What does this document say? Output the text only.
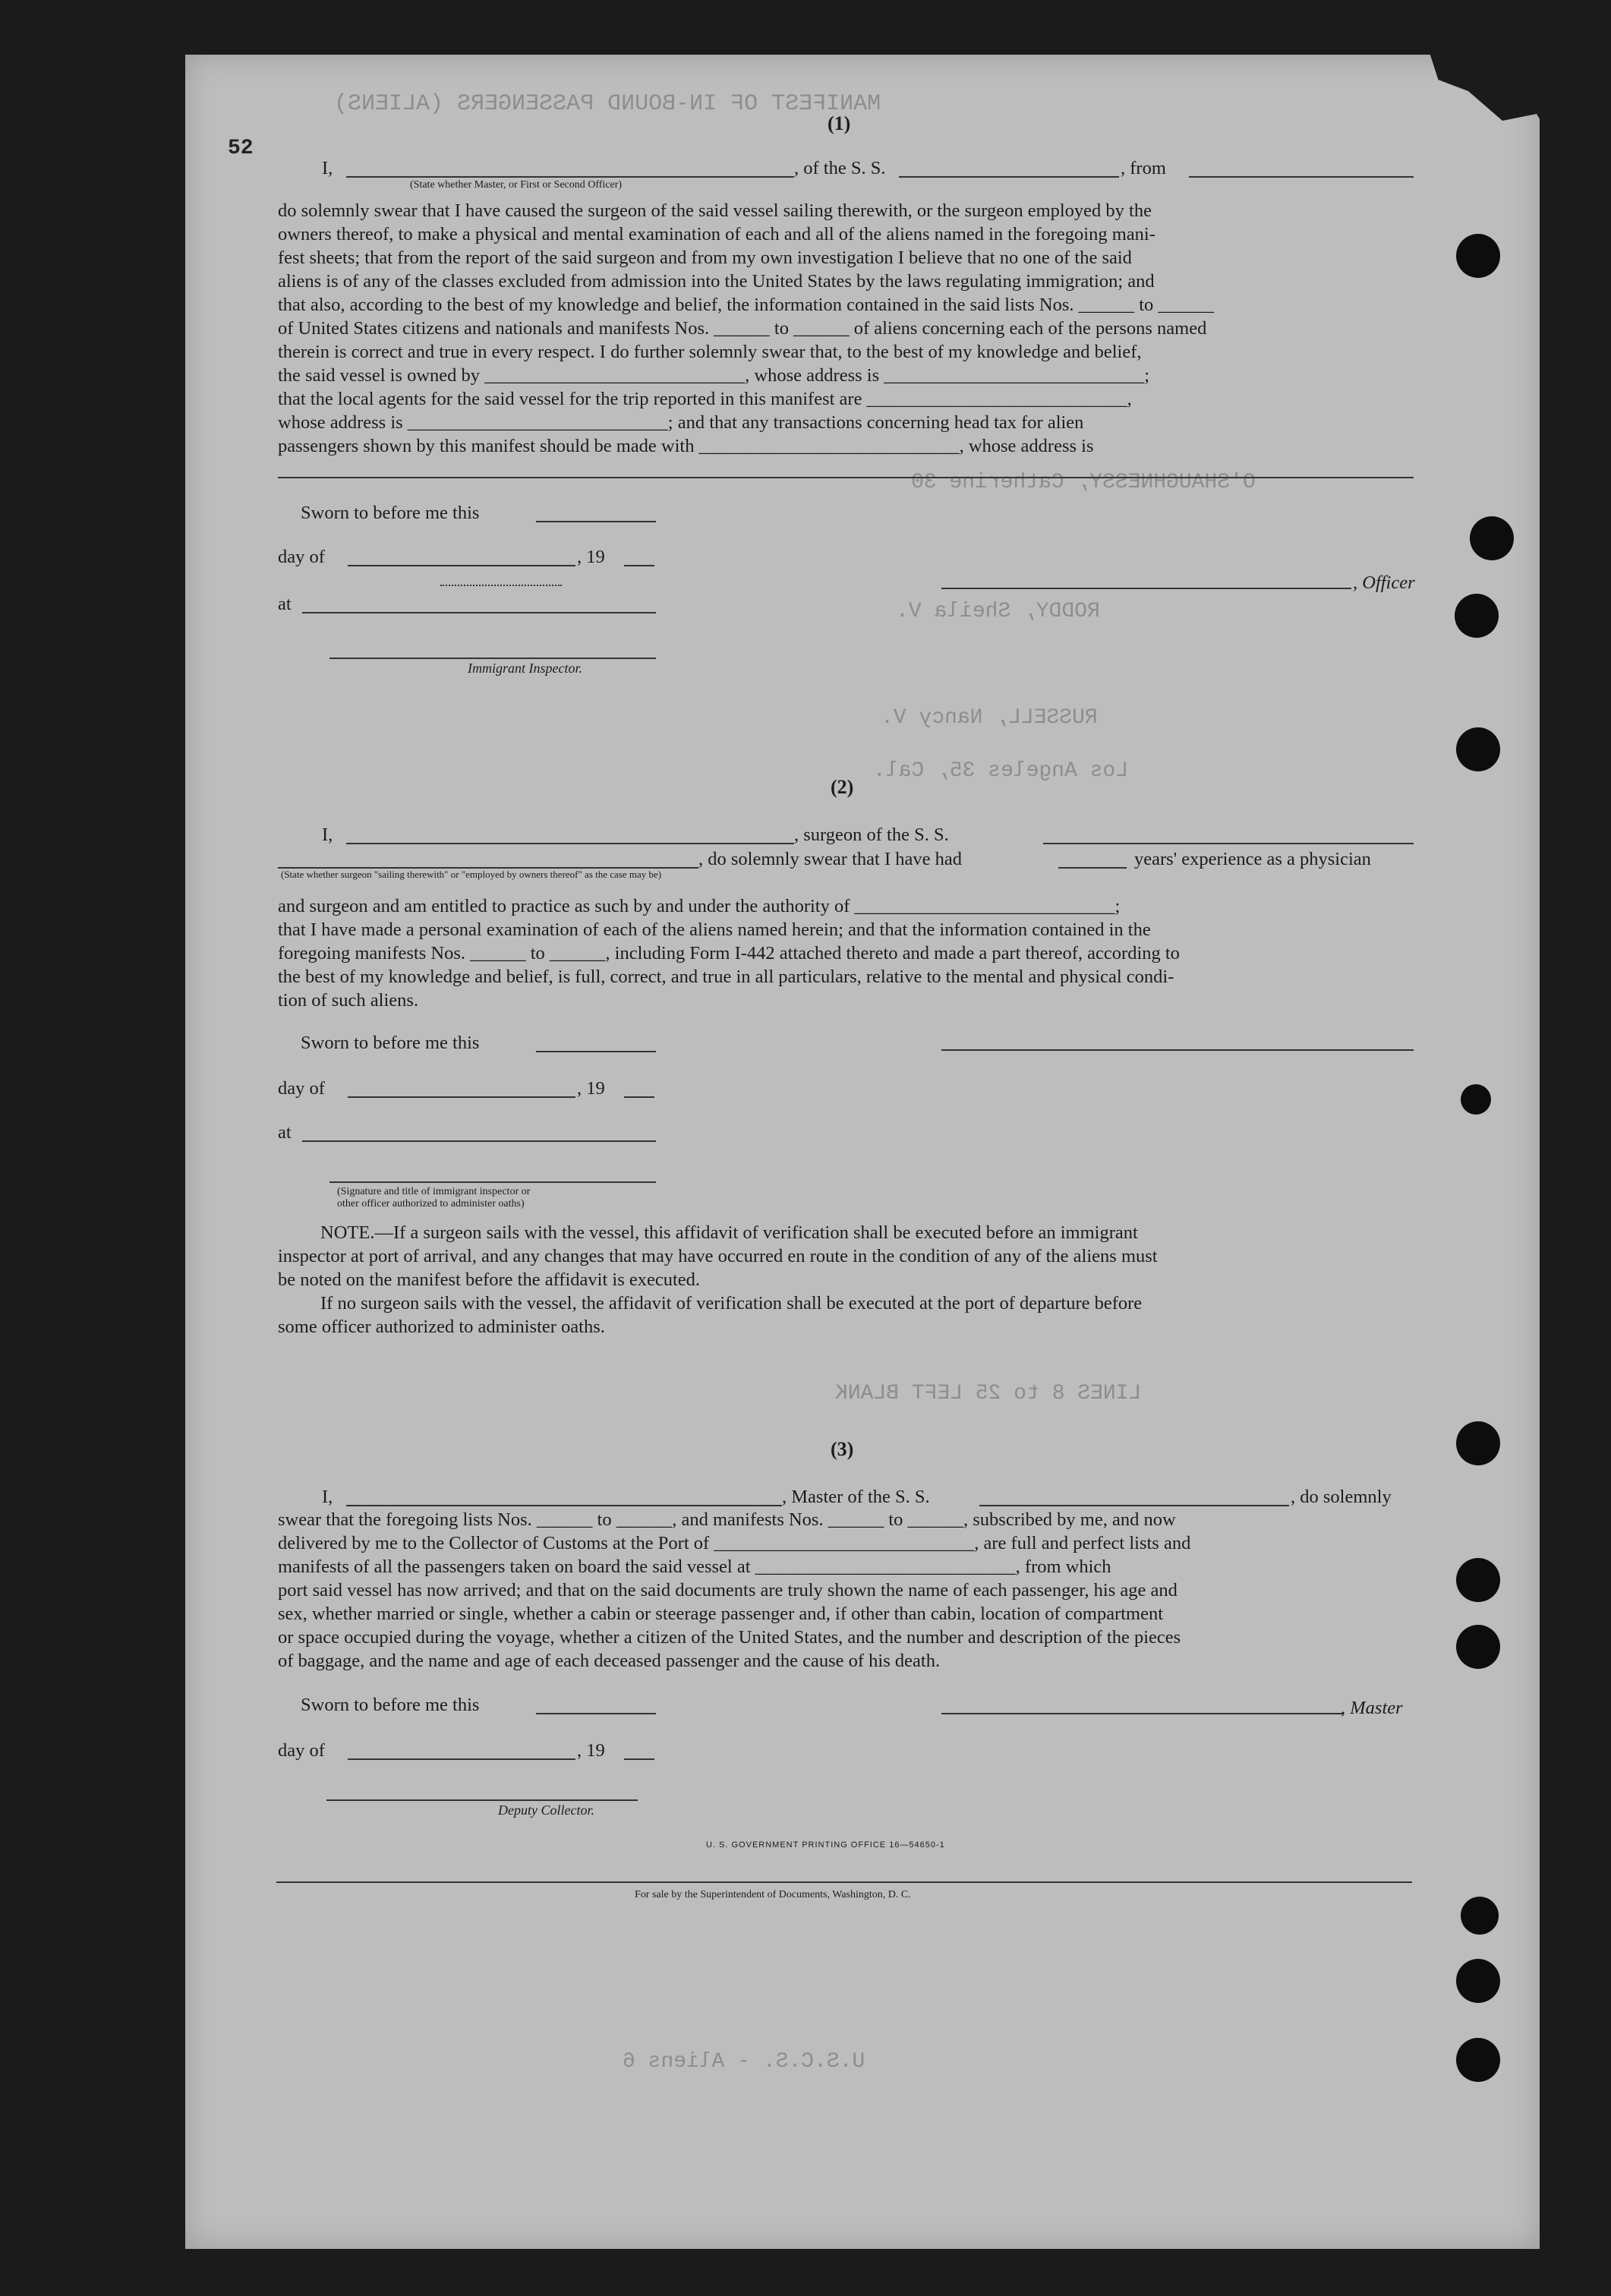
MANIFEST OF IN-BOUND PASSENGERS (ALIENS)
O'SHAUGHNESSY, Catherine 30
RODDY, Sheila V.
RUSSELL, Nancy V.
Los Angeles 35, Cal.
LINES 8 to 25 LEFT BLANK
U.S.C.S. - Aliens 6
52
(1)
I,	, of the S. S.	, from
(State whether Master, or First or Second Officer)

do solemnly swear that I have caused the surgeon of the said vessel sailing therewith, or the surgeon employed by the

owners thereof, to make a physical and mental examination of each and all of the aliens named in the foregoing mani-

fest sheets; that from the report of the said surgeon and from my own investigation I believe that no one of the said

aliens is of any of the classes excluded from admission into the United States by the laws regulating immigration; and

that also, according to the best of my knowledge and belief, the information contained in the said lists Nos. ______ to ______

of United States citizens and nationals and manifests Nos. ______ to ______ of aliens concerning each of the persons named

therein is correct and true in every respect. I do further solemnly swear that, to the best of my knowledge and belief,

the said vessel is owned by ____________________________, whose address is ____________________________;

that the local agents for the said vessel for the trip reported in this manifest are ____________________________,

whose address is ____________________________; and that any transactions concerning head tax for alien

passengers shown by this manifest should be made with ____________________________, whose address is

Sworn to before me this
day of	, 19
, Officer
at
Immigrant Inspector.
(2)
I,	, surgeon of the S. S.
, do solemnly swear that I have had	years' experience as a physician
(State whether surgeon "sailing therewith" or "employed by owners thereof" as the case may be)

and surgeon and am entitled to practice as such by and under the authority of ____________________________;

that I have made a personal examination of each of the aliens named herein; and that the information contained in the

foregoing manifests Nos. ______ to ______, including Form I-442 attached thereto and made a part thereof, according to

the best of my knowledge and belief, is full, correct, and true in all particulars, relative to the mental and physical condi-

tion of such aliens.

Sworn to before me this
day of	, 19
at
(Signature and title of immigrant inspector or
other officer authorized to administer oaths)

NOTE.—If a surgeon sails with the vessel, this affidavit of verification shall be executed before an immigrant

inspector at port of arrival, and any changes that may have occurred en route in the condition of any of the aliens must

be noted on the manifest before the affidavit is executed.

If no surgeon sails with the vessel, the affidavit of verification shall be executed at the port of departure before

some officer authorized to administer oaths.

(3)
I,	, Master of the S. S.	, do solemnly

swear that the foregoing lists Nos. ______ to ______, and manifests Nos. ______ to ______, subscribed by me, and now

delivered by me to the Collector of Customs at the Port of ____________________________, are full and perfect lists and

manifests of all the passengers taken on board the said vessel at ____________________________, from which

port said vessel has now arrived; and that on the said documents are truly shown the name of each passenger, his age and

sex, whether married or single, whether a cabin or steerage passenger and, if other than cabin, location of compartment

or space occupied during the voyage, whether a citizen of the United States, and the number and description of the pieces

of baggage, and the name and age of each deceased passenger and the cause of his death.

Sworn to before me this	, Master
day of	, 19
Deputy Collector.
U. S. GOVERNMENT PRINTING OFFICE 16—54650-1
For sale by the Superintendent of Documents, Washington, D. C.
